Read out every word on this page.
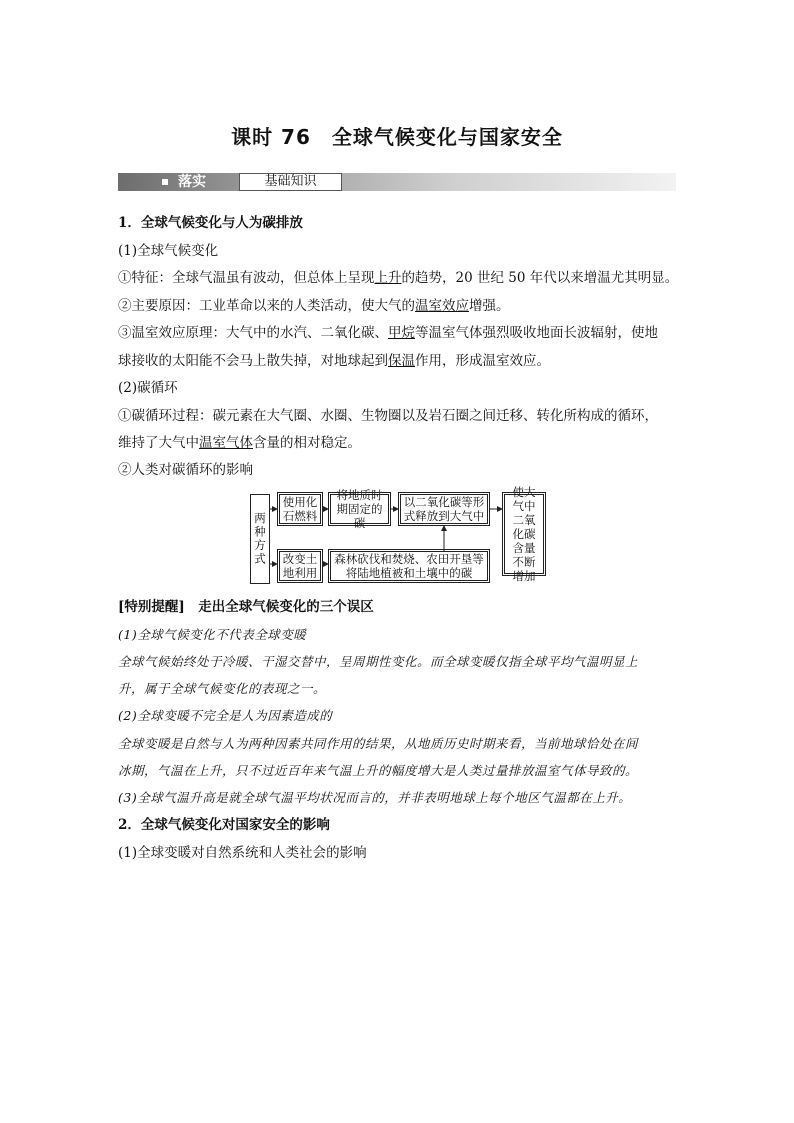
课时 76　全球气候变化与国家安全
落实	基础知识
1．全球气候变化与人为碳排放
(1)全球气候变化
①特征：全球气温虽有波动，但总体上呈现上升的趋势，20 世纪 50 年代以来增温尤其明显。
②主要原因：工业革命以来的人类活动，使大气的温室效应增强。
③温室效应原理：大气中的水汽、二氧化碳、甲烷等温室气体强烈吸收地面长波辐射，使地
球接收的太阳能不会马上散失掉，对地球起到保温作用，形成温室效应。
(2)碳循环
①碳循环过程：碳元素在大气圈、水圈、生物圈以及岩石圈之间迁移、转化所构成的循环，
维持了大气中温室气体含量的相对稳定。
②人类对碳循环的影响
两种方式
使用化石燃料
将地质时期固定的碳
以二氧化碳等形式释放到大气中
改变土地利用
森林砍伐和焚烧、农田开垦等将陆地植被和土壤中的碳
使大气中二氧化碳含量不断增加
[特别提醒]　 走出全球气候变化的三个误区
(1)全球气候变化不代表全球变暖
全球气候始终处于冷暖、干湿交替中，呈周期性变化。而全球变暖仅指全球平均气温明显上
升，属于全球气候变化的表现之一。
(2)全球变暖不完全是人为因素造成的
全球变暖是自然与人为两种因素共同作用的结果，从地质历史时期来看，当前地球恰处在间
冰期，气温在上升，只不过近百年来气温上升的幅度增大是人类过量排放温室气体导致的。
(3)全球气温升高是就全球气温平均状况而言的，并非表明地球上每个地区气温都在上升。
2．全球气候变化对国家安全的影响
(1)全球变暖对自然系统和人类社会的影响
